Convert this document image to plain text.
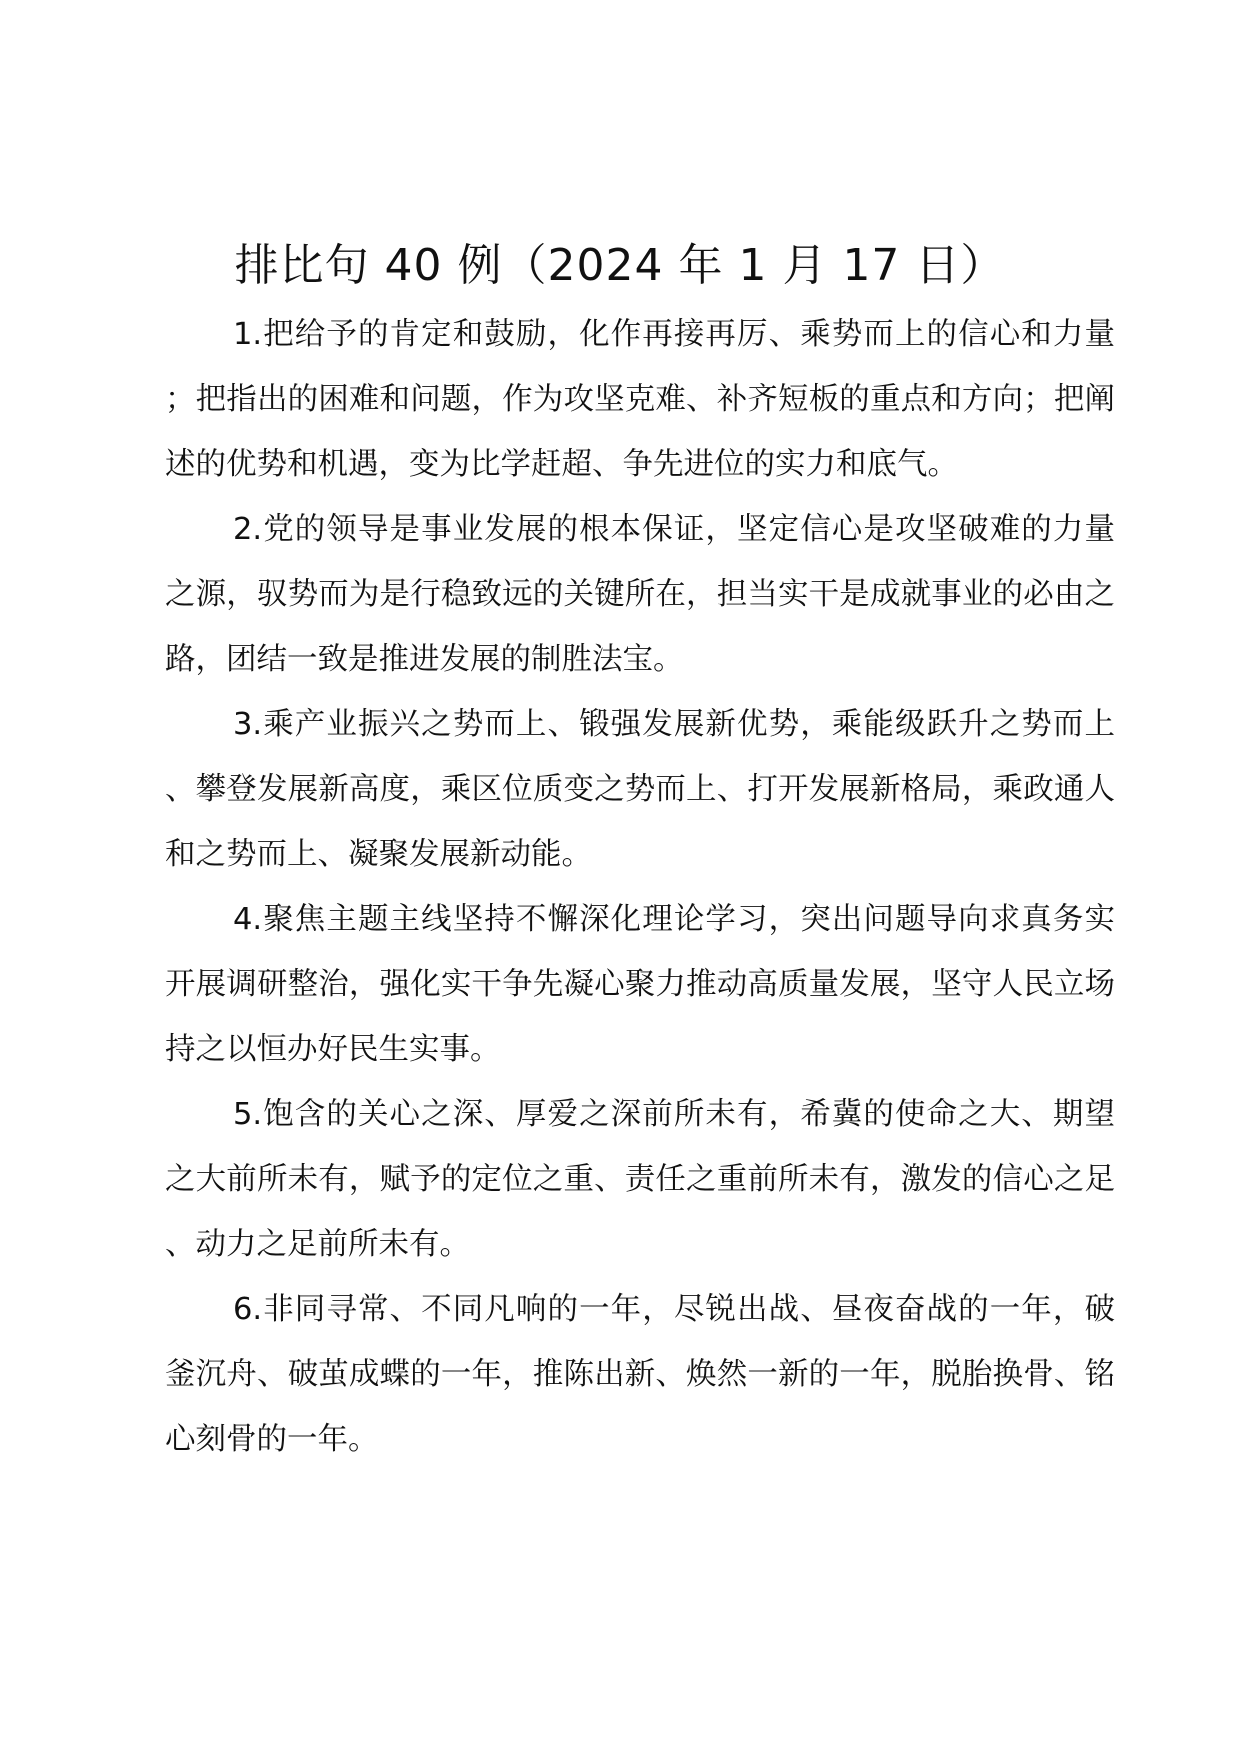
排比句 40 例（2024 年 1 月 17 日）

1.把给予的肯定和鼓励，化作再接再厉、乘势而上的信心和力量；把指出的困难和问题，作为攻坚克难、补齐短板的重点和方向；把阐述的优势和机遇，变为比学赶超、争先进位的实力和底气。

2.党的领导是事业发展的根本保证，坚定信心是攻坚破难的力量之源，驭势而为是行稳致远的关键所在，担当实干是成就事业的必由之路，团结一致是推进发展的制胜法宝。

3.乘产业振兴之势而上、锻强发展新优势，乘能级跃升之势而上、攀登发展新高度，乘区位质变之势而上、打开发展新格局，乘政通人和之势而上、凝聚发展新动能。

4.聚焦主题主线坚持不懈深化理论学习，突出问题导向求真务实开展调研整治，强化实干争先凝心聚力推动高质量发展，坚守人民立场持之以恒办好民生实事。

5.饱含的关心之深、厚爱之深前所未有，希冀的使命之大、期望之大前所未有，赋予的定位之重、责任之重前所未有，激发的信心之足、动力之足前所未有。

6.非同寻常、不同凡响的一年，尽锐出战、昼夜奋战的一年，破釜沉舟、破茧成蝶的一年，推陈出新、焕然一新的一年，脱胎换骨、铭心刻骨的一年。
